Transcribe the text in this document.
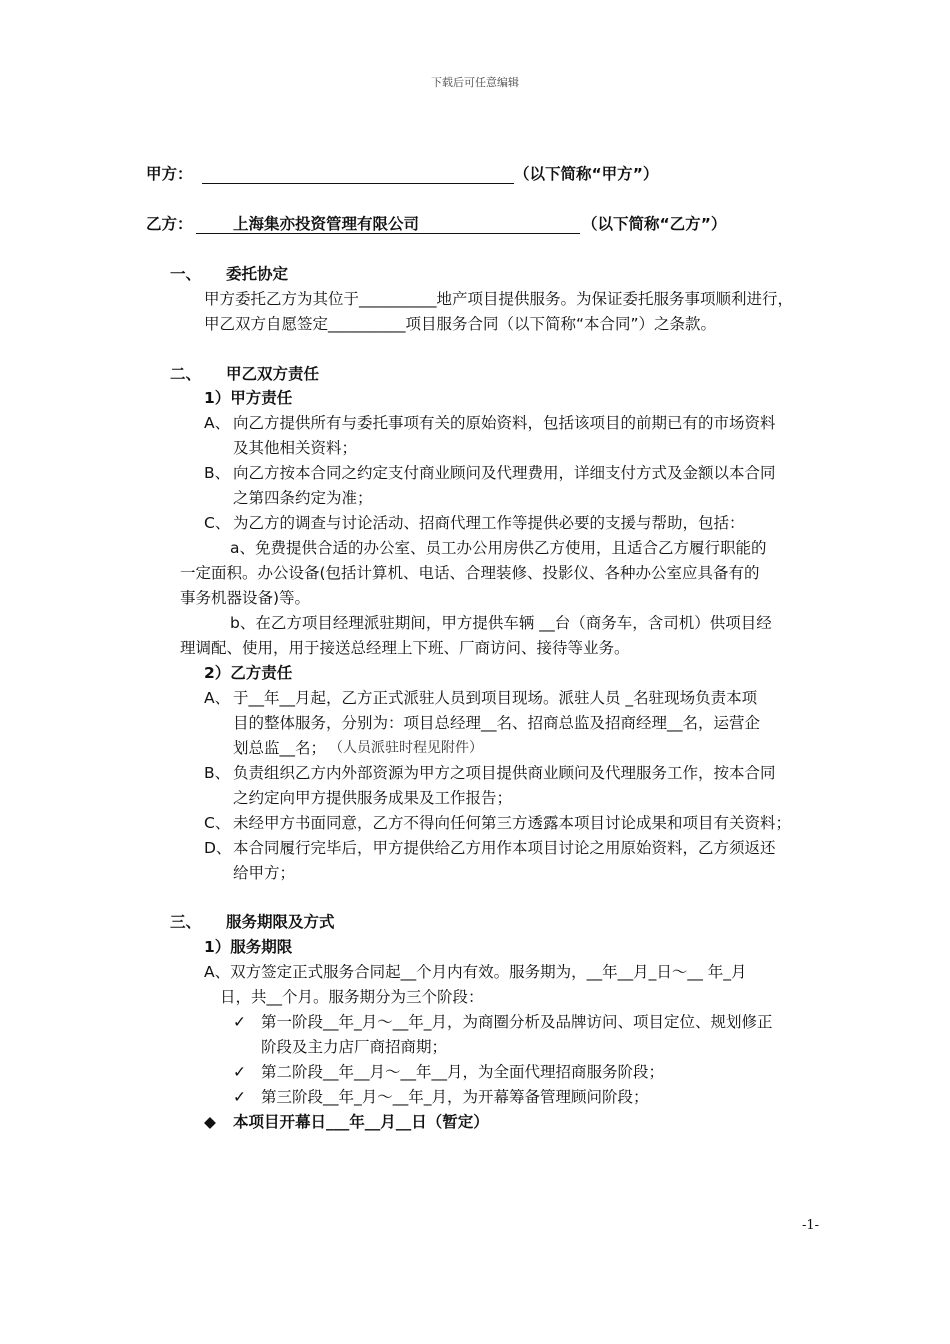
下载后可任意编辑
甲方：	（以下简称“甲方”）
乙方：	上海集亦投资管理有限公司	（以下简称“乙方”）
一、 委托协定
甲方委托乙方为其位于__________地产项目提供服务。为保证委托服务事项顺利进行，
甲乙双方自愿签定__________项目服务合同（以下简称“本合同”）之条款。
二、 甲乙双方责任
1）甲方责任
A、 向乙方提供所有与委托事项有关的原始资料，包括该项目的前期已有的市场资料
及其他相关资料；
B、 向乙方按本合同之约定支付商业顾问及代理费用，详细支付方式及金额以本合同
之第四条约定为准；
C、 为乙方的调查与讨论活动、招商代理工作等提供必要的支援与帮助，包括：
a、免费提供合适的办公室、员工办公用房供乙方使用，且适合乙方履行职能的
一定面积。办公设备(包括计算机、电话、合理装修、投影仪、各种办公室应具备有的
事务机器设备)等。
b、在乙方项目经理派驻期间，甲方提供车辆 __台（商务车，含司机）供项目经
理调配、使用，用于接送总经理上下班、厂商访问、接待等业务。
2）乙方责任
A、 于__年__月起，乙方正式派驻人员到项目现场。派驻人员 _名驻现场负责本项
目的整体服务，分别为：项目总经理__名、招商总监及招商经理__名，运营企
划总监__名； （人员派驻时程见附件）
B、 负责组织乙方内外部资源为甲方之项目提供商业顾问及代理服务工作，按本合同
之约定向甲方提供服务成果及工作报告；
C、 未经甲方书面同意，乙方不得向任何第三方透露本项目讨论成果和项目有关资料；
D、 本合同履行完毕后，甲方提供给乙方用作本项目讨论之用原始资料，乙方须返还
给甲方；
三、 服务期限及方式
1）服务期限
A、双方签定正式服务合同起__个月内有效。服务期为，__年__月_日～__ 年_月
日，共__个月。服务期分为三个阶段：
✓ 第一阶段__年_月～__年_月，为商圈分析及品牌访问、项目定位、规划修正
阶段及主力店厂商招商期；
✓ 第二阶段__年__月～__年__月，为全面代理招商服务阶段；
✓ 第三阶段__年_月～__年_月，为开幕筹备管理顾问阶段；
◆ 本项目开幕日___年__月__日（暂定）
-1-
